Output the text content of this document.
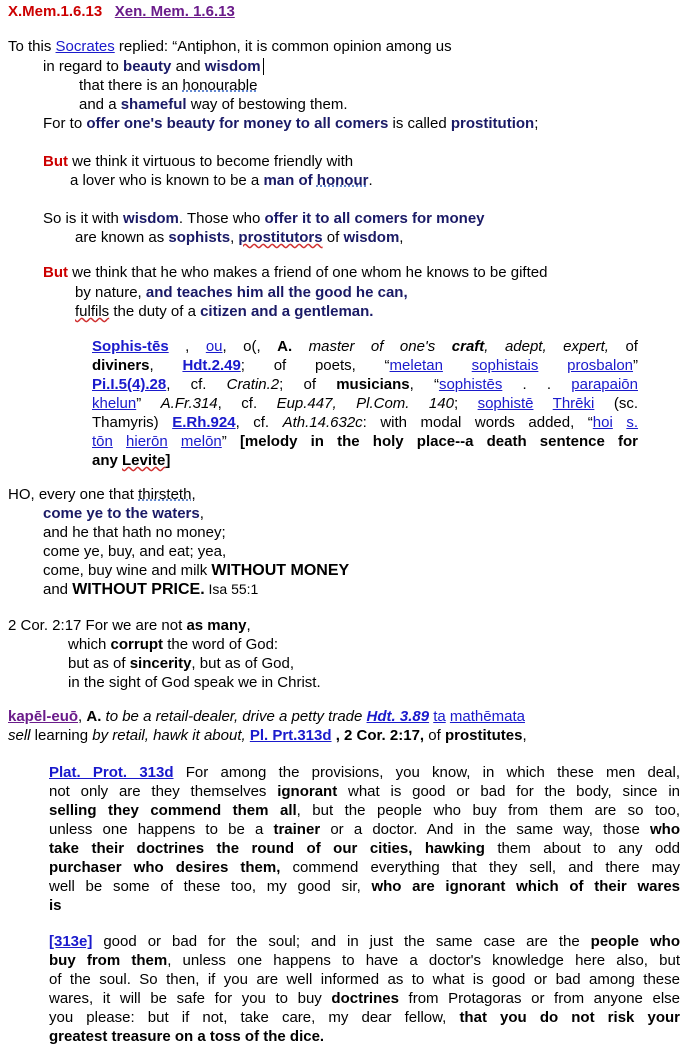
X.Mem.1.6.13 Xen. Mem. 1.6.13
To this Socrates replied: “Antiphon, it is common opinion among us
in regard to beauty and wisdom
that there is an honourable
and a shameful way of bestowing them.
For to offer one's beauty for money to all comers is called prostitution;
But we think it virtuous to become friendly with
a lover who is known to be a man of honour.
So is it with wisdom. Those who offer it to all comers for money
are known as sophists, prostitutors of wisdom,
But we think that he who makes a friend of one whom he knows to be gifted
by nature, and teaches him all the good he can,
fulfils the duty of a citizen and a gentleman.
Sophis-tēs , ou, o(, A. master of one's craft, adept, expert, of
diviners, Hdt.2.49; of poets, “meletan sophistais prosbalon”
Pi.I.5(4).28, cf. Cratin.2; of musicians, “sophistēs . . parapaiōn
khelun” A.Fr.314, cf. Eup.447, Pl.Com. 140; sophistē Thrēki (sc.
Thamyris) E.Rh.924, cf. Ath.14.632c: with modal words added, “hoi s.
tōn hierōn melōn” [melody in the holy place--a death sentence for
any Levite]
HO, every one that thirsteth,
come ye to the waters,
and he that hath no money;
come ye, buy, and eat; yea,
come, buy wine and milk WITHOUT MONEY
and WITHOUT PRICE. Isa 55:1
2 Cor. 2:17 For we are not as many,
which corrupt the word of God:
but as of sincerity, but as of God,
in the sight of God speak we in Christ.
kapēl-euō, A. to be a retail-dealer, drive a petty trade Hdt. 3.89 ta mathēmata
sell learning by retail, hawk it about, Pl. Prt.313d , 2 Cor. 2:17, of prostitutes,
Plat. Prot. 313d For among the provisions, you know, in which these men deal,
not only are they themselves ignorant what is good or bad for the body, since in
selling they commend them all, but the people who buy from them are so too,
unless one happens to be a trainer or a doctor. And in the same way, those who
take their doctrines the round of our cities, hawking them about to any odd
purchaser who desires them, commend everything that they sell, and there may
well be some of these too, my good sir, who are ignorant which of their wares
is
[313e] good or bad for the soul; and in just the same case are the people who
buy from them, unless one happens to have a doctor's knowledge here also, but
of the soul. So then, if you are well informed as to what is good or bad among these
wares, it will be safe for you to buy doctrines from Protagoras or from anyone else
you please: but if not, take care, my dear fellow, that you do not risk your
greatest treasure on a toss of the dice.
